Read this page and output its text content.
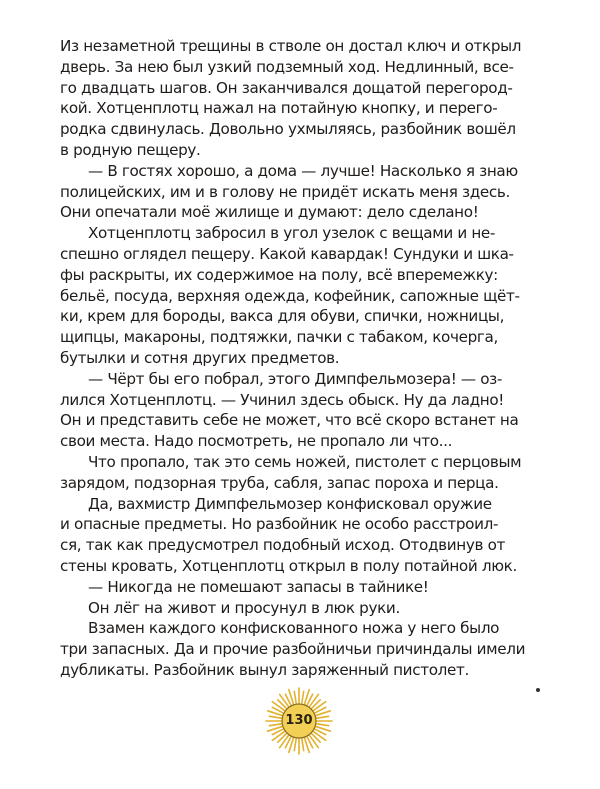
Из незаметной трещины в стволе он достал ключ и открыл
дверь. За нею был узкий подземный ход. Недлинный, все-
го двадцать шагов. Он заканчивался дощатой перегород-
кой. Хотценплотц нажал на потайную кнопку, и перего-
родка сдвинулась. Довольно ухмыляясь, разбойник вошёл
в родную пещеру.
— В гостях хорошо, а дома — лучше! Насколько я знаю
полицейских, им и в голову не придёт искать меня здесь.
Они опечатали моё жилище и думают: дело сделано!
Хотценплотц забросил в угол узелок с вещами и не-
спешно оглядел пещеру. Какой кавардак! Сундуки и шка-
фы раскрыты, их содержимое на полу, всё вперемежку:
бельё, посуда, верхняя одежда, кофейник, сапожные щёт-
ки, крем для бороды, вакса для обуви, спички, ножницы,
щипцы, макароны, подтяжки, пачки с табаком, кочерга,
бутылки и сотня других предметов.
— Чёрт бы его побрал, этого Димпфельмозера! — оз-
лился Хотценплотц. — Учинил здесь обыск. Ну да ладно!
Он и представить себе не может, что всё скоро встанет на
свои места. Надо посмотреть, не пропало ли что...
Что пропало, так это семь ножей, пистолет с перцовым
зарядом, подзорная труба, сабля, запас пороха и перца.
Да, вахмистр Димпфельмозер конфисковал оружие
и опасные предметы. Но разбойник не особо расстроил-
ся, так как предусмотрел подобный исход. Отодвинув от
стены кровать, Хотценплотц открыл в полу потайной люк.
— Никогда не помешают запасы в тайнике!
Он лёг на живот и просунул в люк руки.
Взамен каждого конфискованного ножа у него было
три запасных. Да и прочие разбойничьи причиндалы имели
дубликаты. Разбойник вынул заряженный пистолет.
130
